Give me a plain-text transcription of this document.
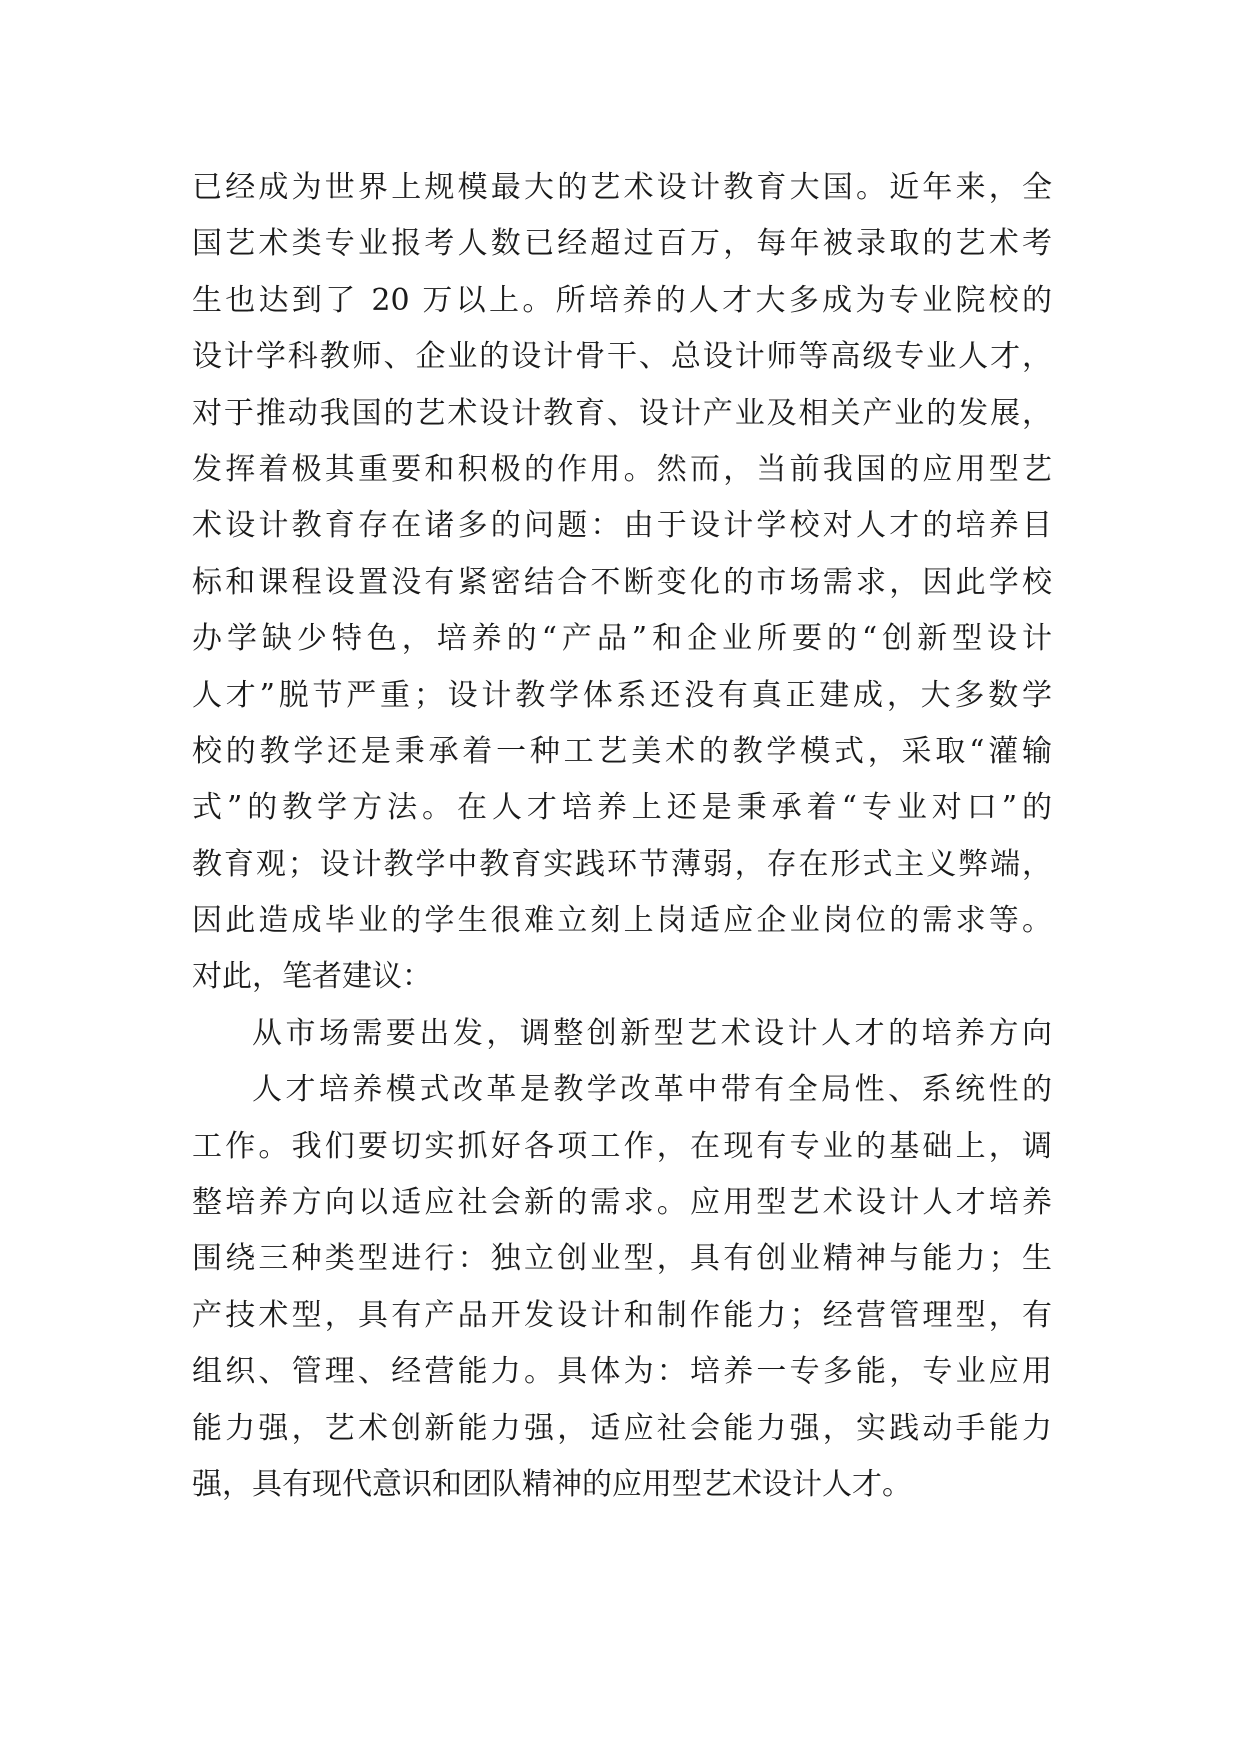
已经成为世界上规模最大的艺术设计教育大国。近年来，全
国艺术类专业报考人数已经超过百万，每年被录取的艺术考
生也达到了 20 万以上。所培养的人才大多成为专业院校的
设计学科教师、企业的设计骨干、总设计师等高级专业人才，
对于推动我国的艺术设计教育、设计产业及相关产业的发展，
发挥着极其重要和积极的作用。然而，当前我国的应用型艺
术设计教育存在诸多的问题：由于设计学校对人才的培养目
标和课程设置没有紧密结合不断变化的市场需求，因此学校
办学缺少特色，培养的“产品”和企业所要的“创新型设计
人才”脱节严重；设计教学体系还没有真正建成，大多数学
校的教学还是秉承着一种工艺美术的教学模式，采取“灌输
式”的教学方法。在人才培养上还是秉承着“专业对口”的
教育观；设计教学中教育实践环节薄弱，存在形式主义弊端，
因此造成毕业的学生很难立刻上岗适应企业岗位的需求等。
对此，笔者建议：
从市场需要出发，调整创新型艺术设计人才的培养方向
人才培养模式改革是教学改革中带有全局性、系统性的
工作。我们要切实抓好各项工作，在现有专业的基础上，调
整培养方向以适应社会新的需求。应用型艺术设计人才培养
围绕三种类型进行：独立创业型，具有创业精神与能力；生
产技术型，具有产品开发设计和制作能力；经营管理型，有
组织、管理、经营能力。具体为：培养一专多能，专业应用
能力强，艺术创新能力强，适应社会能力强，实践动手能力
强，具有现代意识和团队精神的应用型艺术设计人才。
